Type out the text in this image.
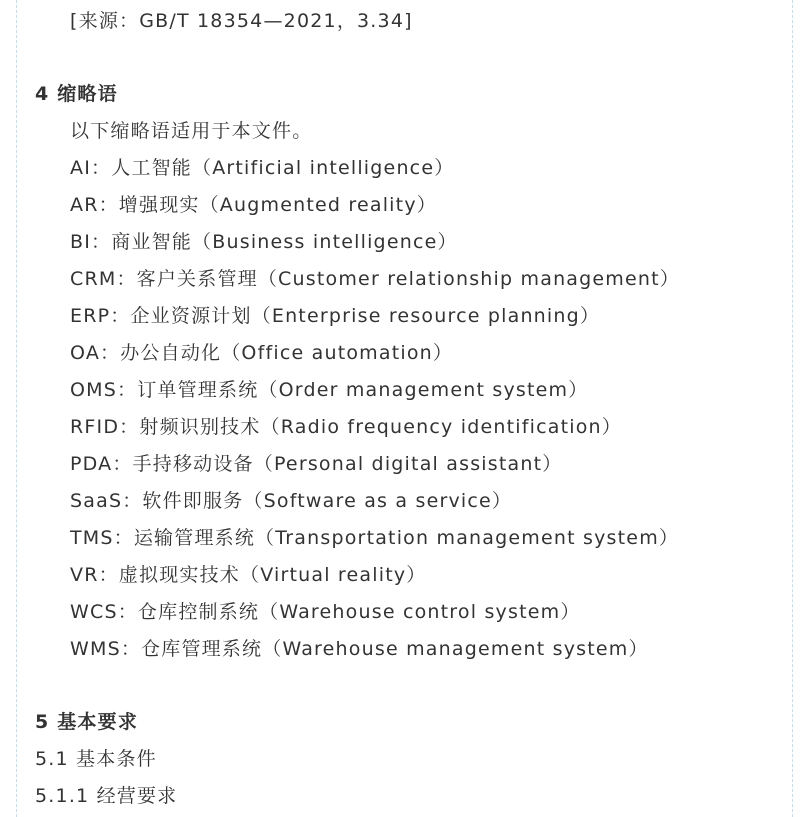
[来源：GB/T 18354—2021，3.34]
4 缩略语
以下缩略语适用于本文件。
AI：人工智能（Artificial intelligence）
AR：增强现实（Augmented reality）
BI：商业智能（Business intelligence）
CRM：客户关系管理（Customer relationship management）
ERP：企业资源计划（Enterprise resource planning）
OA：办公自动化（Office automation）
OMS：订单管理系统（Order management system）
RFID：射频识别技术（Radio frequency identification）
PDA：手持移动设备（Personal digital assistant）
SaaS：软件即服务（Software as a service）
TMS：运输管理系统（Transportation management system）
VR：虚拟现实技术（Virtual reality）
WCS：仓库控制系统（Warehouse control system）
WMS：仓库管理系统（Warehouse management system）
5 基本要求
5.1 基本条件
5.1.1 经营要求
